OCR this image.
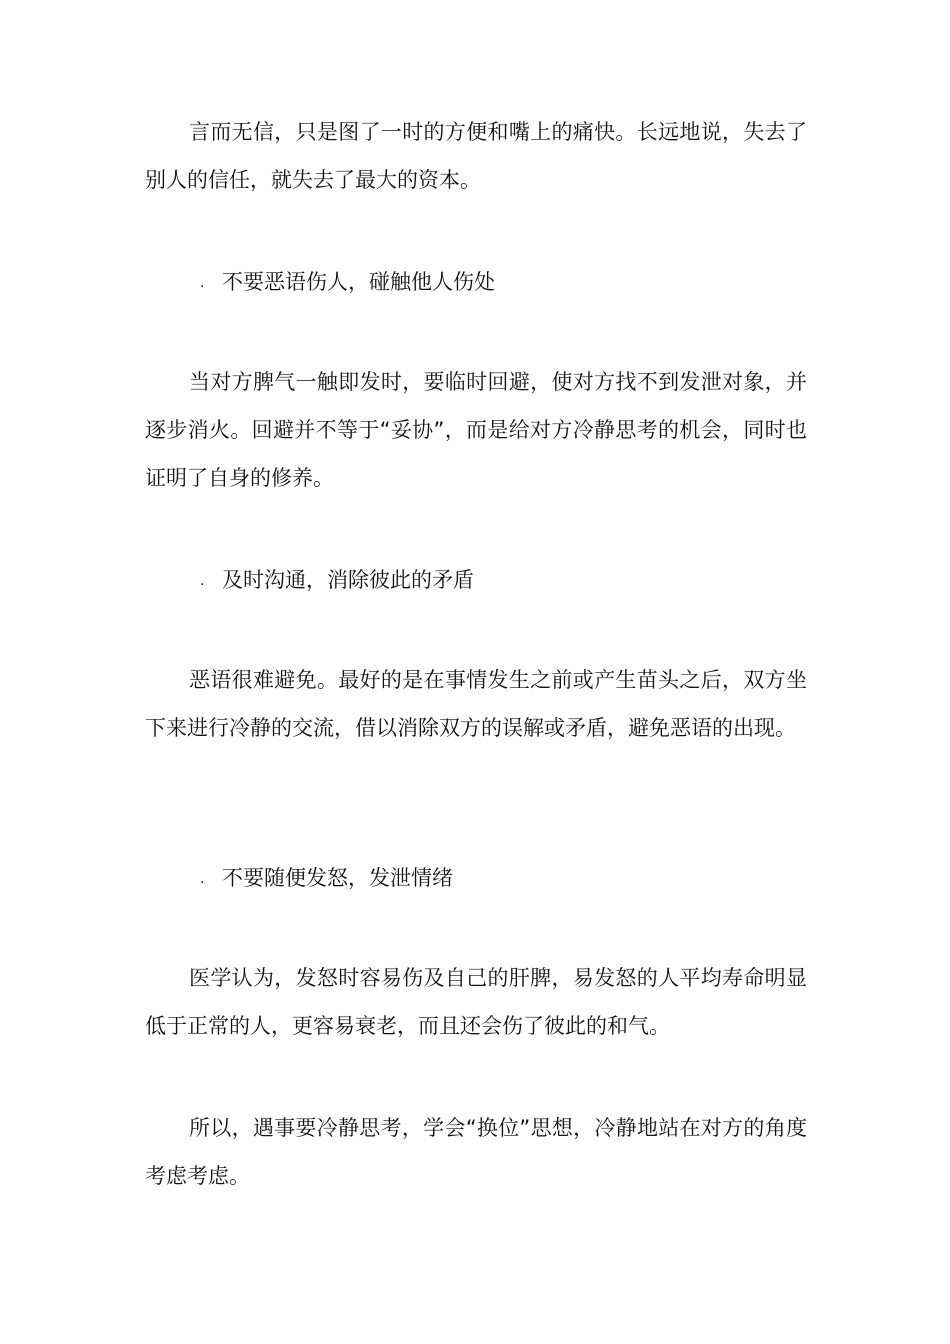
言而无信，只是图了一时的方便和嘴上的痛快。长远地说，失去了别人的信任，就失去了最大的资本。

. 不要恶语伤人，碰触他人伤处

当对方脾气一触即发时，要临时回避，使对方找不到发泄对象，并逐步消火。回避并不等于“妥协”，而是给对方冷静思考的机会，同时也证明了自身的修养。

. 及时沟通，消除彼此的矛盾

恶语很难避免。最好的是在事情发生之前或产生苗头之后，双方坐下来进行冷静的交流，借以消除双方的误解或矛盾，避免恶语的出现。

. 不要随便发怒，发泄情绪

医学认为，发怒时容易伤及自己的肝脾，易发怒的人平均寿命明显低于正常的人，更容易衰老，而且还会伤了彼此的和气。

所以，遇事要冷静思考，学会“换位”思想，冷静地站在对方的角度考虑考虑。
